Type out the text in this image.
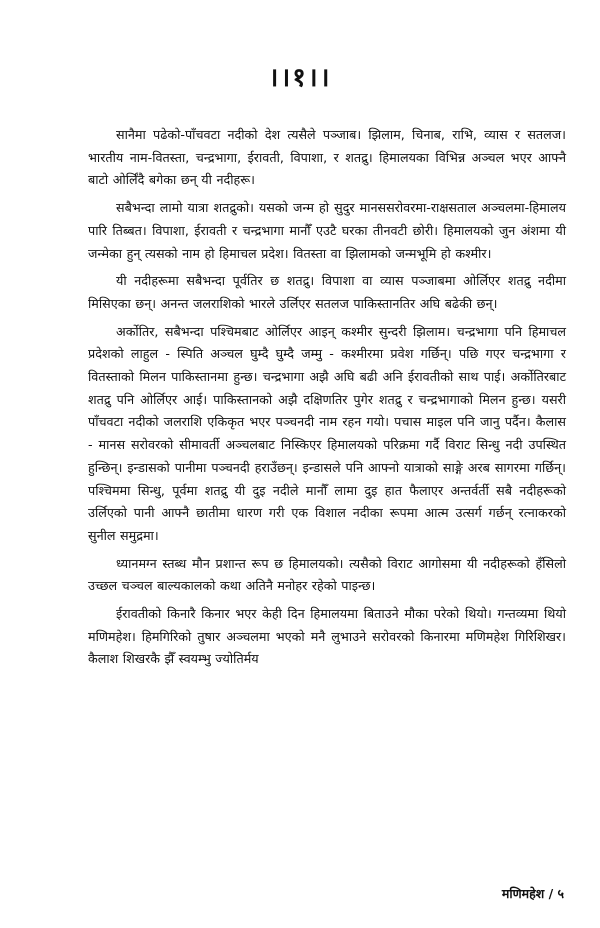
।।१।।

सानैमा पढेको-पाँचवटा नदीको देश त्यसैले पञ्जाब। झिलाम, चिनाब, राभि, व्यास र सतलज। भारतीय नाम-वितस्ता, चन्द्रभागा, ईरावती, विपाशा, र शतद्रु। हिमालयका विभिन्न अञ्चल भएर आफ्नै बाटो ओर्लिंदै बगेका छन् यी नदीहरू।

सबैभन्दा लामो यात्रा शतद्रुको। यसको जन्म हो सुदुर मानससरोवरमा-राक्षसताल अञ्चलमा-हिमालय पारि तिब्बत। विपाशा, ईरावती र चन्द्रभागा मानौँ एउटै घरका तीनवटी छोरी। हिमालयको जुन अंशमा यी जन्मेका हुन् त्यसको नाम हो हिमाचल प्रदेश। वितस्ता वा झिलामको जन्मभूमि हो कश्मीर।

यी नदीहरूमा सबैभन्दा पूर्वतिर छ शतद्रु। विपाशा वा व्यास पञ्जाबमा ओर्लिएर शतद्रु नदीमा मिसिएका छन्। अनन्त जलराशिको भारले उर्लिएर सतलज पाकिस्तानतिर अघि बढेकी छन्।

अर्कोतिर, सबैभन्दा पश्चिमबाट ओर्लिएर आइन् कश्मीर सुन्दरी झिलाम। चन्द्रभागा पनि हिमाचल प्रदेशको लाहुल - स्पिति अञ्चल घुम्दै घुम्दै जम्मु - कश्मीरमा प्रवेश गर्छिन्। पछि गएर चन्द्रभागा र वितस्ताको मिलन पाकिस्तानमा हुन्छ। चन्द्रभागा अझै अघि बढी अनि ईरावतीको साथ पाई। अर्कोतिरबाट शतद्रु पनि ओर्लिएर आई। पाकिस्तानको अझै दक्षिणतिर पुगेर शतद्रु र चन्द्रभागाको मिलन हुन्छ। यसरी पाँचवटा नदीको जलराशि एकिकृत भएर पञ्चनदी नाम रहन गयो। पचास माइल पनि जानु पर्दैन। कैलास - मानस सरोवरको सीमावर्ती अञ्चलबाट निस्किएर हिमालयको परिक्रमा गर्दै विराट सिन्धु नदी उपस्थित हुन्छिन्। इन्डासको पानीमा पञ्चनदी हराउँछन्। इन्डासले पनि आफ्नो यात्राको साङ्गे अरब सागरमा गर्छिन्। पश्चिममा सिन्धु, पूर्वमा शतद्रु यी दुइ नदीले मानौँ लामा दुइ हात फैलाएर अन्तर्वर्ती सबै नदीहरूको उर्लिएको पानी आफ्नै छातीमा धारण गरी एक विशाल नदीका रूपमा आत्म उत्सर्ग गर्छन् रत्नाकरको सुनील समुद्रमा।

ध्यानमग्न स्तब्ध मौन प्रशान्त रूप छ हिमालयको। त्यसैको विराट आगोसमा यी नदीहरूको हँसिलो उच्छल चञ्चल बाल्यकालको कथा अतिनै मनोहर रहेको पाइन्छ।

ईरावतीको किनारै किनार भएर केही दिन हिमालयमा बिताउने मौका परेको थियो। गन्तव्यमा थियो मणिमहेश। हिमगिरिको तुषार अञ्चलमा भएको मनै लुभाउने सरोवरको किनारमा मणिमहेश गिरिशिखर। कैलाश शिखरकै झैँ स्वयम्भु ज्योतिर्मय

मणिमहेश / ५
